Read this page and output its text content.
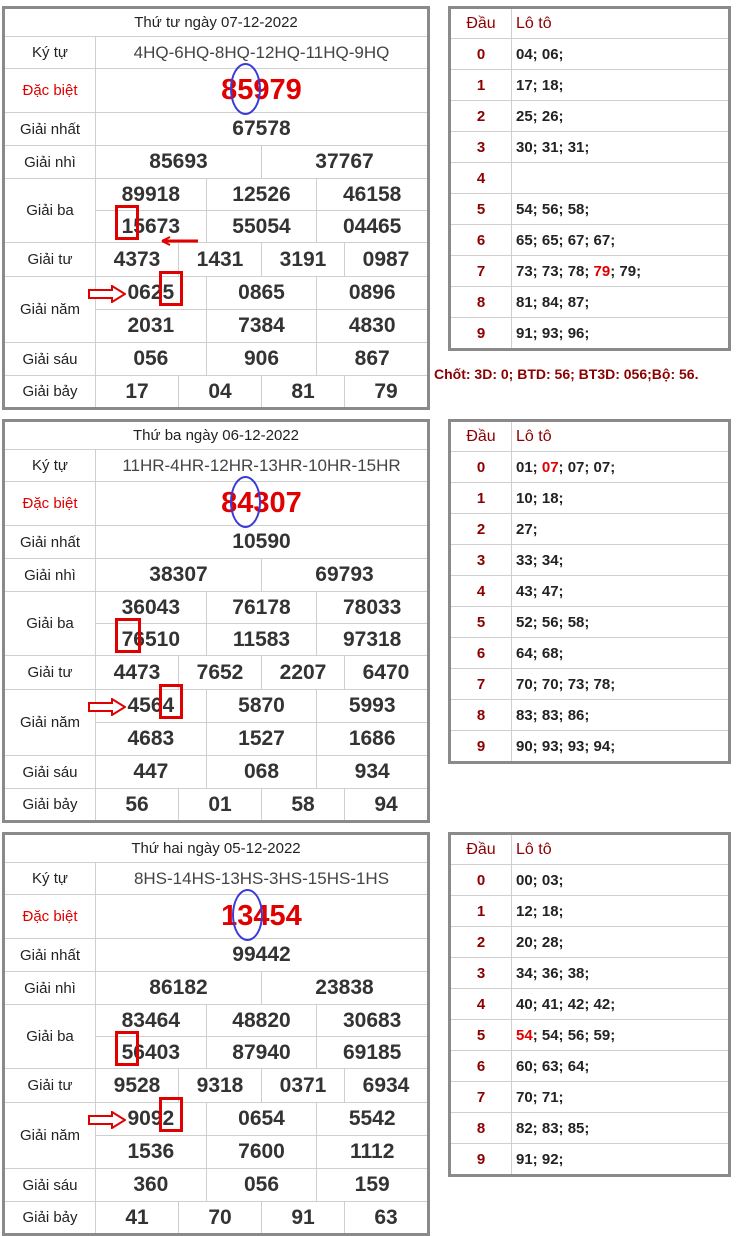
Thứ tư ngày 07-12-2022
Ký tự	4HQ-6HQ-8HQ-12HQ-11HQ-9HQ
Đặc biệt	85979
Giải nhất	67578
Giải nhì	85693	37767
Giải ba
89918	12526	46158
15673	55054	04465
Giải tư	4373	1431	3191	0987
Giải năm
0625	0865	0896
2031	7384	4830
Giải sáu	056	906	867
Giải bảy	17	04	81	79
Đầu	Lô tô
0	04; 06;
1	17; 18;
2	25; 26;
3	30; 31; 31;
4
5	54; 56; 58;
6	65; 65; 67; 67;
7	73; 73; 78; 79 ; 79;
8	81; 84; 87;
9	91; 93; 96;
Chốt: 3D: 0; BTD: 56; BT3D: 056;Bộ: 56.
Thứ ba ngày 06-12-2022
Ký tự	11HR-4HR-12HR-13HR-10HR-15HR
Đặc biệt	84307
Giải nhất	10590
Giải nhì	38307	69793
Giải ba
36043	76178	78033
76510	11583	97318
Giải tư	4473	7652	2207	6470
Giải năm
4564	5870	5993
4683	1527	1686
Giải sáu	447	068	934
Giải bảy	56	01	58	94
Đầu	Lô tô
0	01; 07 ; 07; 07;
1	10; 18;
2	27;
3	33; 34;
4	43; 47;
5	52; 56; 58;
6	64; 68;
7	70; 70; 73; 78;
8	83; 83; 86;
9	90; 93; 93; 94;
Thứ hai ngày 05-12-2022
Ký tự	8HS-14HS-13HS-3HS-15HS-1HS
Đặc biệt	13454
Giải nhất	99442
Giải nhì	86182	23838
Giải ba
83464	48820	30683
56403	87940	69185
Giải tư	9528	9318	0371	6934
Giải năm
9092	0654	5542
1536	7600	1112
Giải sáu	360	056	159
Giải bảy	41	70	91	63
Đầu	Lô tô
0	00; 03;
1	12; 18;
2	20; 28;
3	34; 36; 38;
4	40; 41; 42; 42;
5	54 ; 54; 56; 59;
6	60; 63; 64;
7	70; 71;
8	82; 83; 85;
9	91; 92;
